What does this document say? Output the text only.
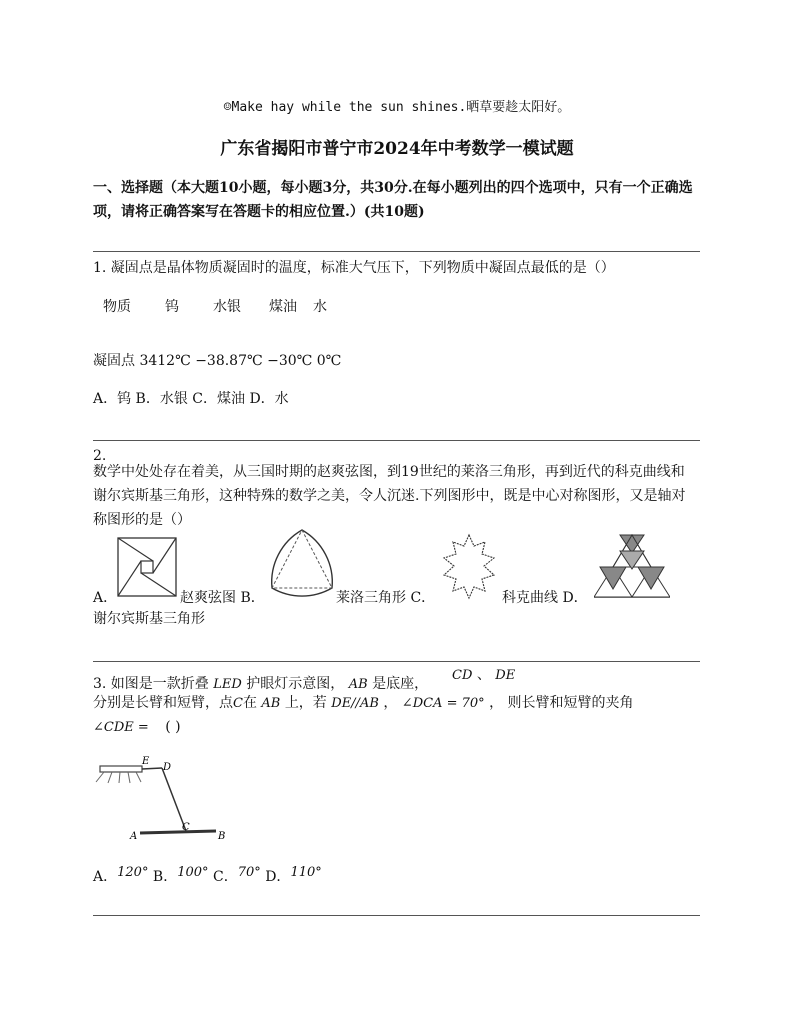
☺Make hay while the sun shines.晒草要趁太阳好。
广东省揭阳市普宁市2024年中考数学一模试题
一、选择题（本大题10小题，每小题3分，共30分.在每小题列出的四个选项中，只有一个正确选项，请将正确答案写在答题卡的相应位置.）(共10题)
1. 凝固点是晶体物质凝固时的温度，标准大气压下，下列物质中凝固点最低的是（）
物质 钨 水银 煤油 水
凝固点 3412℃ −38.87℃ −30℃ 0℃
A．钨 B．水银 C．煤油 D．水
2.
数学中处处存在着美，从三国时期的赵爽弦图，到19世纪的莱洛三角形，再到近代的科克曲线和谢尔宾斯基三角形，这种特殊的数学之美，令人沉迷.下列图形中，既是中心对称图形，又是轴对称图形的是（）
A．	赵爽弦图 B．	莱洛三角形 C．	科克曲线 D．
谢尔宾斯基三角形
3. 如图是一款折叠 LED 护眼灯示意图， AB 是底座，
CD 、 DE
分别是长臂和短臂，点C在 AB 上，若 DE//AB ， ∠DCA = 70° ， 则长臂和短臂的夹角
∠CDE = ( )
E
D
A
C
B
A．120° B．100° C．70° D．110°
